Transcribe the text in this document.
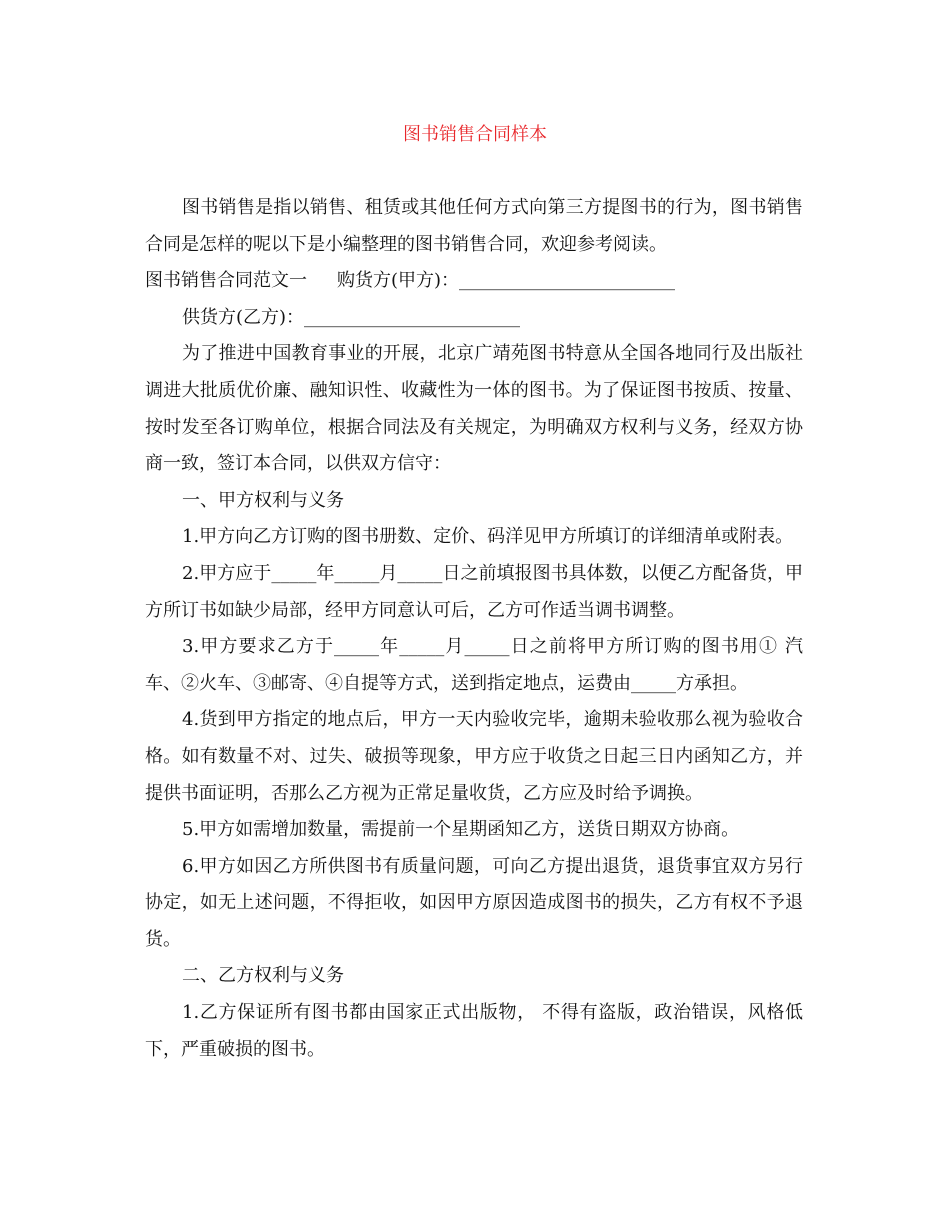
图书销售合同样本

图书销售是指以销售、租赁或其他任何方式向第三方提图书的行为，图书销售合同是怎样的呢以下是小编整理的图书销售合同，欢迎参考阅读。

图书销售合同范文一 购货方(甲方)：________________________

供货方(乙方)：________________________

为了推进中国教育事业的开展，北京广靖苑图书特意从全国各地同行及出版社调进大批质优价廉、融知识性、收藏性为一体的图书。为了保证图书按质、按量、按时发至各订购单位，根据合同法及有关规定，为明确双方权利与义务，经双方协商一致，签订本合同，以供双方信守：

一、甲方权利与义务

1.甲方向乙方订购的图书册数、定价、码洋见甲方所填订的详细清单或附表。

2.甲方应于_____年_____月_____日之前填报图书具体数，以便乙方配备货，甲方所订书如缺少局部，经甲方同意认可后，乙方可作适当调书调整。

3.甲方要求乙方于_____年_____月_____日之前将甲方所订购的图书用① 汽车、②火车、③邮寄、④自提等方式，送到指定地点，运费由_____方承担。

4.货到甲方指定的地点后，甲方一天内验收完毕，逾期未验收那么视为验收合格。如有数量不对、过失、破损等现象，甲方应于收货之日起三日内函知乙方，并提供书面证明，否那么乙方视为正常足量收货，乙方应及时给予调换。

5.甲方如需增加数量，需提前一个星期函知乙方，送货日期双方协商。

6.甲方如因乙方所供图书有质量问题，可向乙方提出退货，退货事宜双方另行协定，如无上述问题，不得拒收，如因甲方原因造成图书的损失，乙方有权不予退货。

二、乙方权利与义务

1.乙方保证所有图书都由国家正式出版物， 不得有盗版，政治错误，风格低下，严重破损的图书。
